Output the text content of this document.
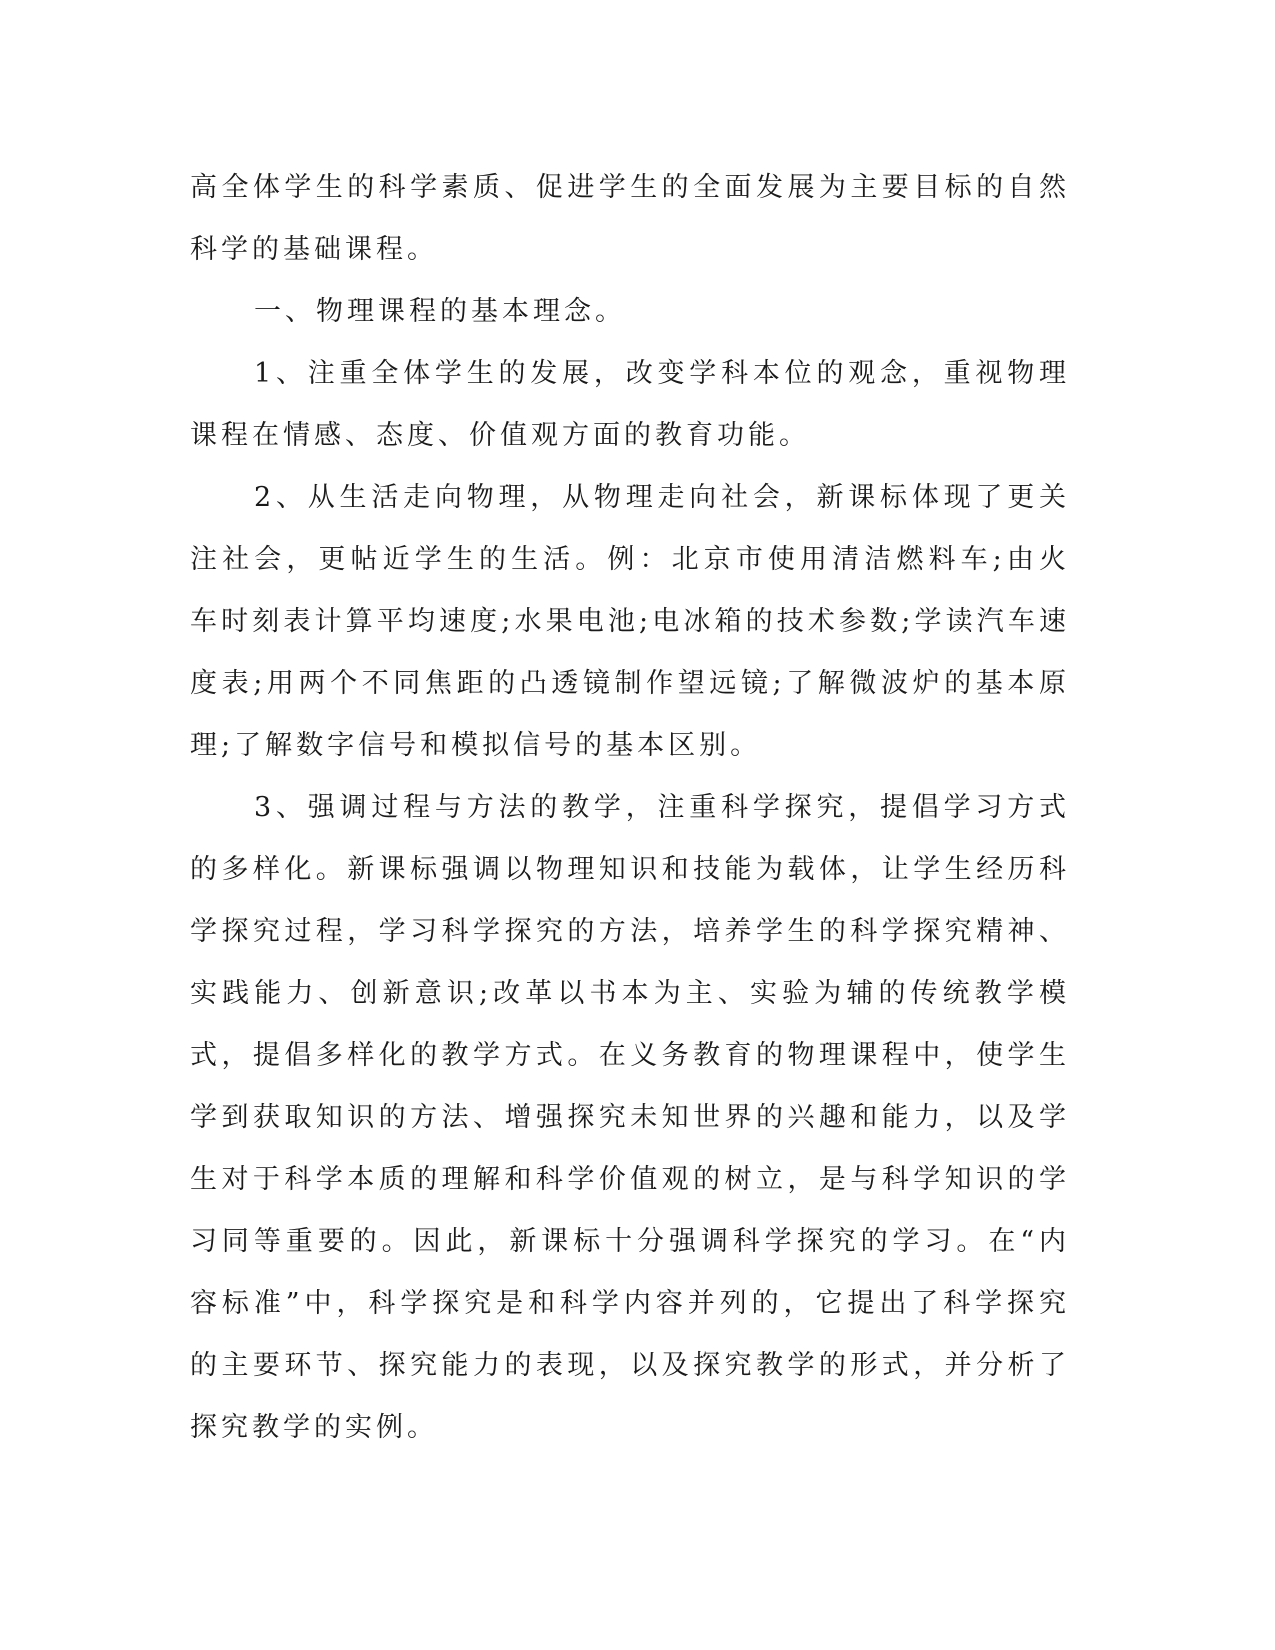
高全体学生的科学素质、促进学生的全面发展为主要目标的自然科学的基础课程。

一、物理课程的基本理念。

1、注重全体学生的发展，改变学科本位的观念，重视物理课程在情感、态度、价值观方面的教育功能。

2、从生活走向物理，从物理走向社会，新课标体现了更关注社会，更帖近学生的生活。例：北京市使用清洁燃料车;由火车时刻表计算平均速度;水果电池;电冰箱的技术参数;学读汽车速度表;用两个不同焦距的凸透镜制作望远镜;了解微波炉的基本原理;了解数字信号和模拟信号的基本区别。

3、强调过程与方法的教学，注重科学探究，提倡学习方式的多样化。新课标强调以物理知识和技能为载体，让学生经历科学探究过程，学习科学探究的方法，培养学生的科学探究精神、实践能力、创新意识;改革以书本为主、实验为辅的传统教学模式，提倡多样化的教学方式。在义务教育的物理课程中，使学生学到获取知识的方法、增强探究未知世界的兴趣和能力，以及学生对于科学本质的理解和科学价值观的树立，是与科学知识的学习同等重要的。因此，新课标十分强调科学探究的学习。在“内容标准”中，科学探究是和科学内容并列的，它提出了科学探究的主要环节、探究能力的表现，以及探究教学的形式，并分析了探究教学的实例。
